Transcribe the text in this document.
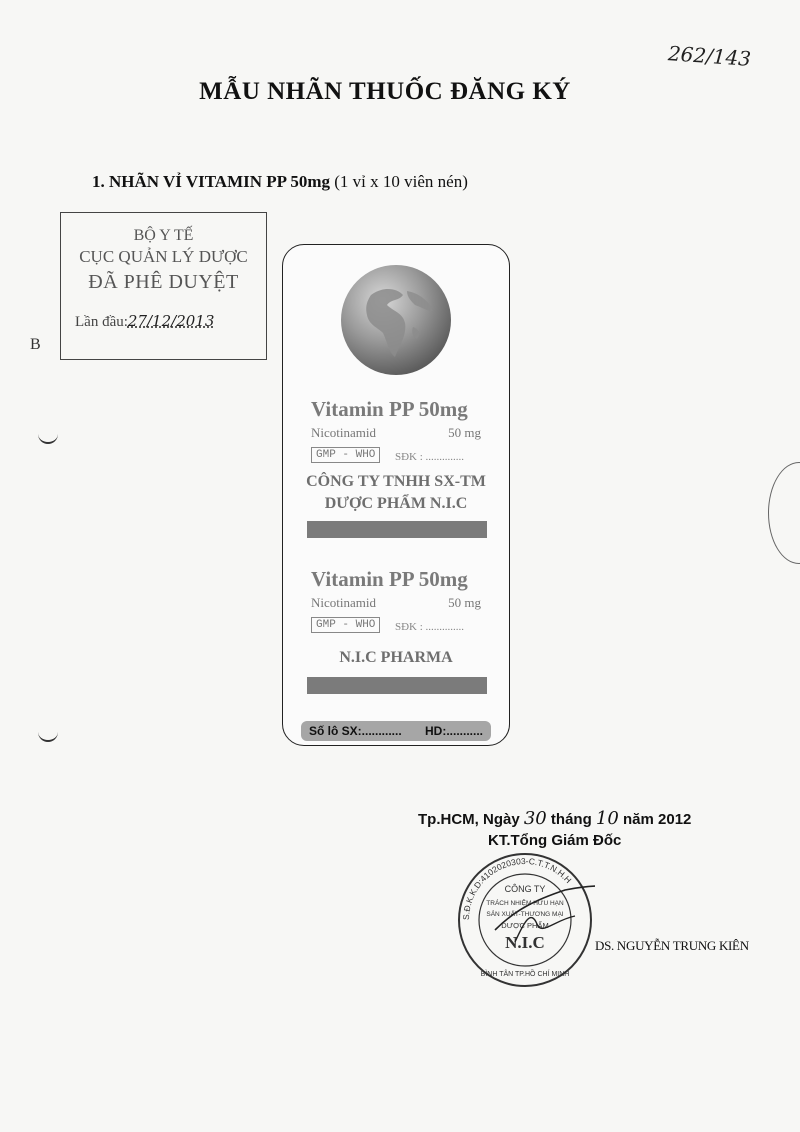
262/143
MẪU NHÃN THUỐC ĐĂNG KÝ
1. NHÃN VỈ VITAMIN PP 50mg (1 vỉ x 10 viên nén)
BỘ Y TẾ
CỤC QUẢN LÝ DƯỢC
ĐÃ PHÊ DUYỆT
Lần đầu:27/12/2013
B
Vitamin PP 50mg
Nicotinamid	50 mg
GMP - WHO	SĐK : ..............
CÔNG TY TNHH SX-TM
DƯỢC PHẨM N.I.C
Vitamin PP 50mg
Nicotinamid	50 mg
GMP - WHO	SĐK : ..............
N.I.C PHARMA
Số lô SX:............ HD:...........
Tp.HCM, Ngày 30 tháng 10 năm 2012
KT.Tổng Giám Đốc
S.Đ.K.K.D:4102020303-C.T.T.N.H.H
CÔNG TY
TRÁCH NHIỆM HỮU HẠN
SẢN XUẤT-THƯƠNG MẠI
DƯỢC PHẨM
N.I.C
BÌNH TÂN TP.HỒ CHÍ MINH
DS. NGUYỄN TRUNG KIÊN
